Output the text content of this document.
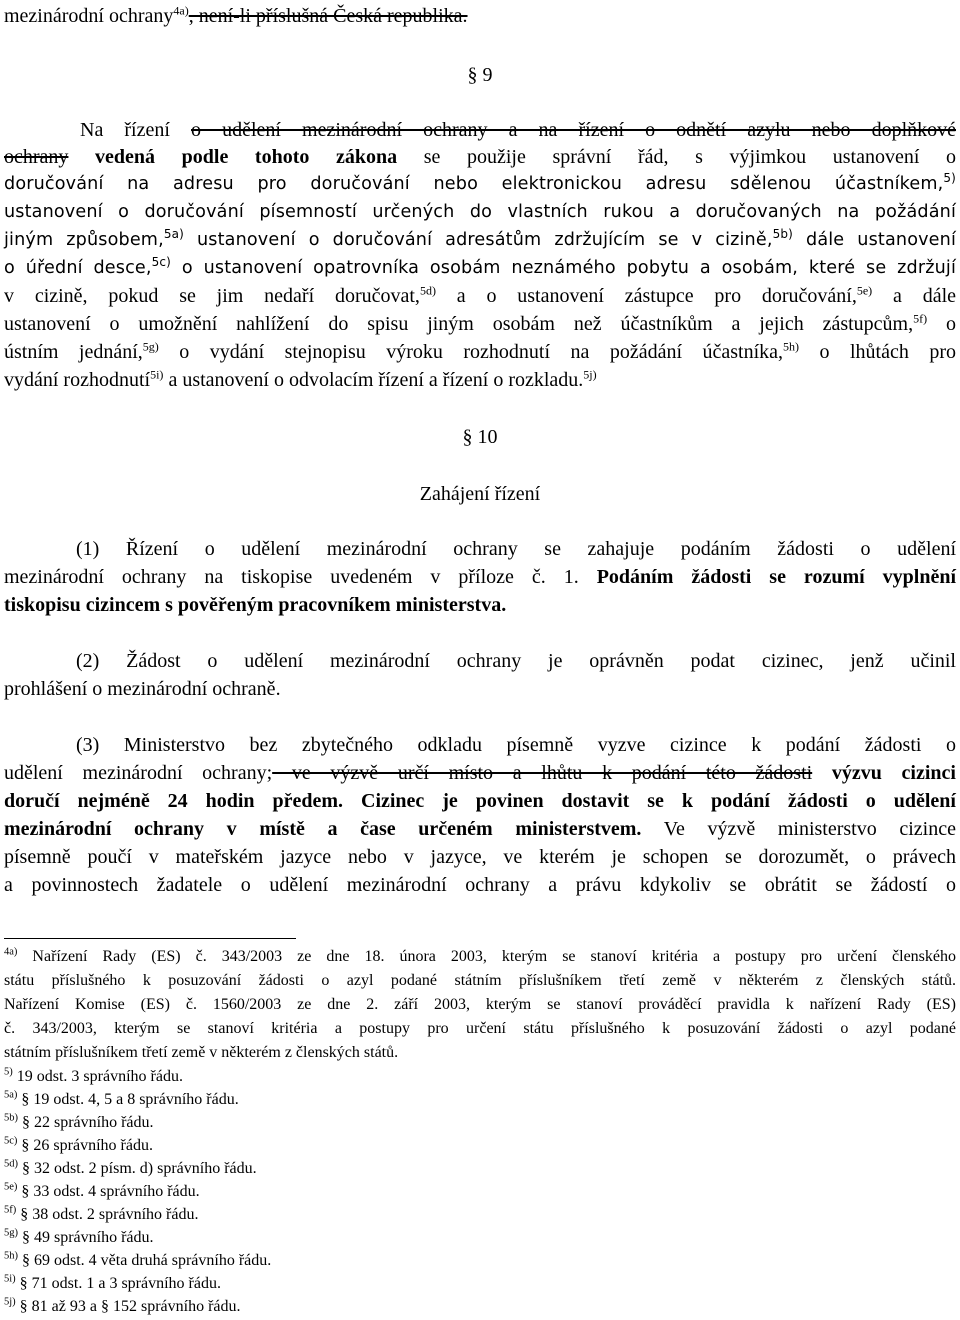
mezinárodní ochrany$^{4a)}$, není-li příslušná Česká republika.
§ 9
Na řízení o udělení mezinárodní ochrany a na řízení o odnětí azylu nebo doplňkové
ochrany vedená podle tohoto zákona se použije správní řád, s výjimkou ustanovení o
doručování na adresu pro doručování nebo elektronickou adresu sdělenou účastníkem,$^{5)}$
ustanovení o doručování písemností určených do vlastních rukou a doručovaných na požádání
jiným způsobem,$^{5a)}$ ustanovení o doručování adresátům zdržujícím se v cizině,$^{5b)}$ dále ustanovení
o úřední desce,$^{5c)}$ o ustanovení opatrovníka osobám neznámého pobytu a osobám, které se zdržují
v cizině, pokud se jim nedaří doručovat,$^{5d)}$ a o ustanovení zástupce pro doručování,$^{5e)}$ a dále
ustanovení o umožnění nahlížení do spisu jiným osobám než účastníkům a jejich zástupcům,$^{5f)}$ o
ústním jednání,$^{5g)}$ o vydání stejnopisu výroku rozhodnutí na požádání účastníka,$^{5h)}$ o lhůtách pro
vydání rozhodnutí$^{5i)}$ a ustanovení o odvolacím řízení a řízení o rozkladu.$^{5j)}$
§ 10
Zahájení řízení
(1) Řízení o udělení mezinárodní ochrany se zahajuje podáním žádosti o udělení
mezinárodní ochrany na tiskopise uvedeném v příloze č. 1. Podáním žádosti se rozumí vyplnění
tiskopisu cizincem s pověřeným pracovníkem ministerstva.
(2) Žádost o udělení mezinárodní ochrany je oprávněn podat cizinec, jenž učinil
prohlášení o mezinárodní ochraně.
(3) Ministerstvo bez zbytečného odkladu písemně vyzve cizince k podání žádosti o
udělení mezinárodní ochrany; ve výzvě určí místo a lhůtu k podání této žádosti výzvu cizinci
doručí nejméně 24 hodin předem. Cizinec je povinen dostavit se k podání žádosti o udělení
mezinárodní ochrany v místě a čase určeném ministerstvem. Ve výzvě ministerstvo cizince
písemně poučí v mateřském jazyce nebo v jazyce, ve kterém je schopen se dorozumět, o právech
a povinnostech žadatele o udělení mezinárodní ochrany a právu kdykoliv se obrátit se žádostí o
$^{4a)}$ Nařízení Rady (ES) č. 343/2003 ze dne 18. února 2003, kterým se stanoví kritéria a postupy pro určení členského
státu příslušného k posuzování žádosti o azyl podané státním příslušníkem třetí země v některém z členských států.
Nařízení Komise (ES) č. 1560/2003 ze dne 2. září 2003, kterým se stanoví prováděcí pravidla k nařízení Rady (ES)
č. 343/2003, kterým se stanoví kritéria a postupy pro určení státu příslušného k posuzování žádosti o azyl podané
státním příslušníkem třetí země v některém z členských států.
$^{5)}$ 19 odst. 3 správního řádu.
$^{5a)}$ § 19 odst. 4, 5 a 8 správního řádu.
$^{5b)}$ § 22 správního řádu.
$^{5c)}$ § 26 správního řádu.
$^{5d)}$ § 32 odst. 2 písm. d) správního řádu.
$^{5e)}$ § 33 odst. 4 správního řádu.
$^{5f)}$ § 38 odst. 2 správního řádu.
$^{5g)}$ § 49 správního řádu.
$^{5h)}$ § 69 odst. 4 věta druhá správního řádu.
$^{5i)}$ § 71 odst. 1 a 3 správního řádu.
$^{5j)}$ § 81 až 93 a § 152 správního řádu.
